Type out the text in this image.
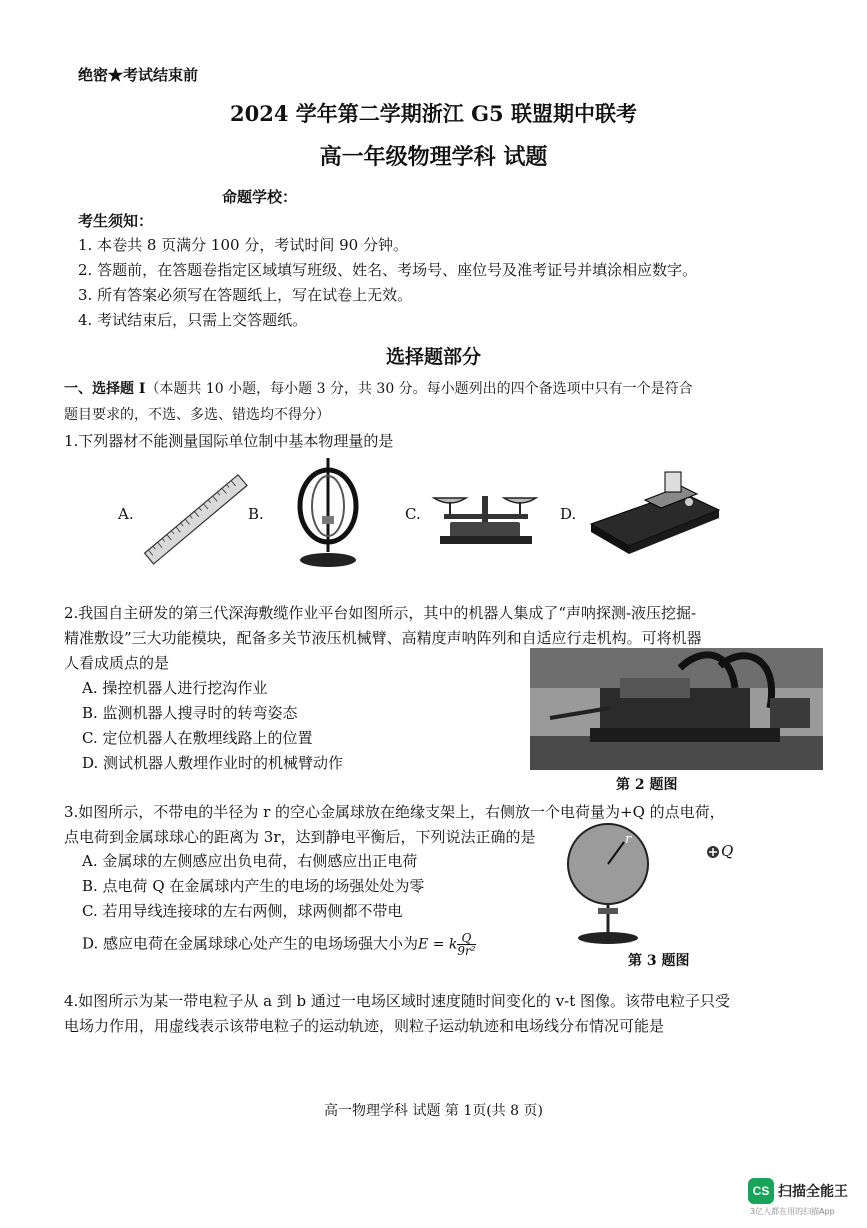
绝密★考试结束前
2024 学年第二学期浙江 G5 联盟期中联考
高一年级物理学科 试题
命题学校：
考生须知：
1. 本卷共 8 页满分 100 分，考试时间 90 分钟。
2. 答题前，在答题卷指定区域填写班级、姓名、考场号、座位号及准考证号并填涂相应数字。
3. 所有答案必须写在答题纸上，写在试卷上无效。
4. 考试结束后，只需上交答题纸。
选择题部分
一、选择题 I（本题共 10 小题，每小题 3 分，共 30 分。每小题列出的四个备选项中只有一个是符合
题目要求的，不选、多选、错选均不得分）
1.下列器材不能测量国际单位制中基本物理量的是
A.	B.	C.	D.
2.我国自主研发的第三代深海敷缆作业平台如图所示，其中的机器人集成了“声呐探测-液压挖掘-
精准敷设”三大功能模块，配备多关节液压机械臂、高精度声呐阵列和自适应行走机构。可将机器
人看成质点的是
A. 操控机器人进行挖沟作业
B. 监测机器人搜寻时的转弯姿态
C. 定位机器人在敷埋线路上的位置
D. 测试机器人敷埋作业时的机械臂动作
第 2 题图
3.如图所示，不带电的半径为 r 的空心金属球放在绝缘支架上，右侧放一个电荷量为+Q 的点电荷，
点电荷到金属球球心的距离为 3r，达到静电平衡后，下列说法正确的是
A. 金属球的左侧感应出负电荷，右侧感应出正电荷
B. 点电荷 Q 在金属球内产生的电场的场强处处为零
C. 若用导线连接球的左右两侧，球两侧都不带电
D. 感应电荷在金属球球心处产生的电场场强大小为E = k $\frac{Q}{\text{9r²}}$
r
Q
第 3 题图
4.如图所示为某一带电粒子从 a 到 b 通过一电场区域时速度随时间变化的 v-t 图像。该带电粒子只受
电场力作用，用虚线表示该带电粒子的运动轨迹，则粒子运动轨迹和电场线分布情况可能是
高一物理学科 试题 第 1页(共 8 页)
CS 扫描全能王
3亿人都在用的扫描App
